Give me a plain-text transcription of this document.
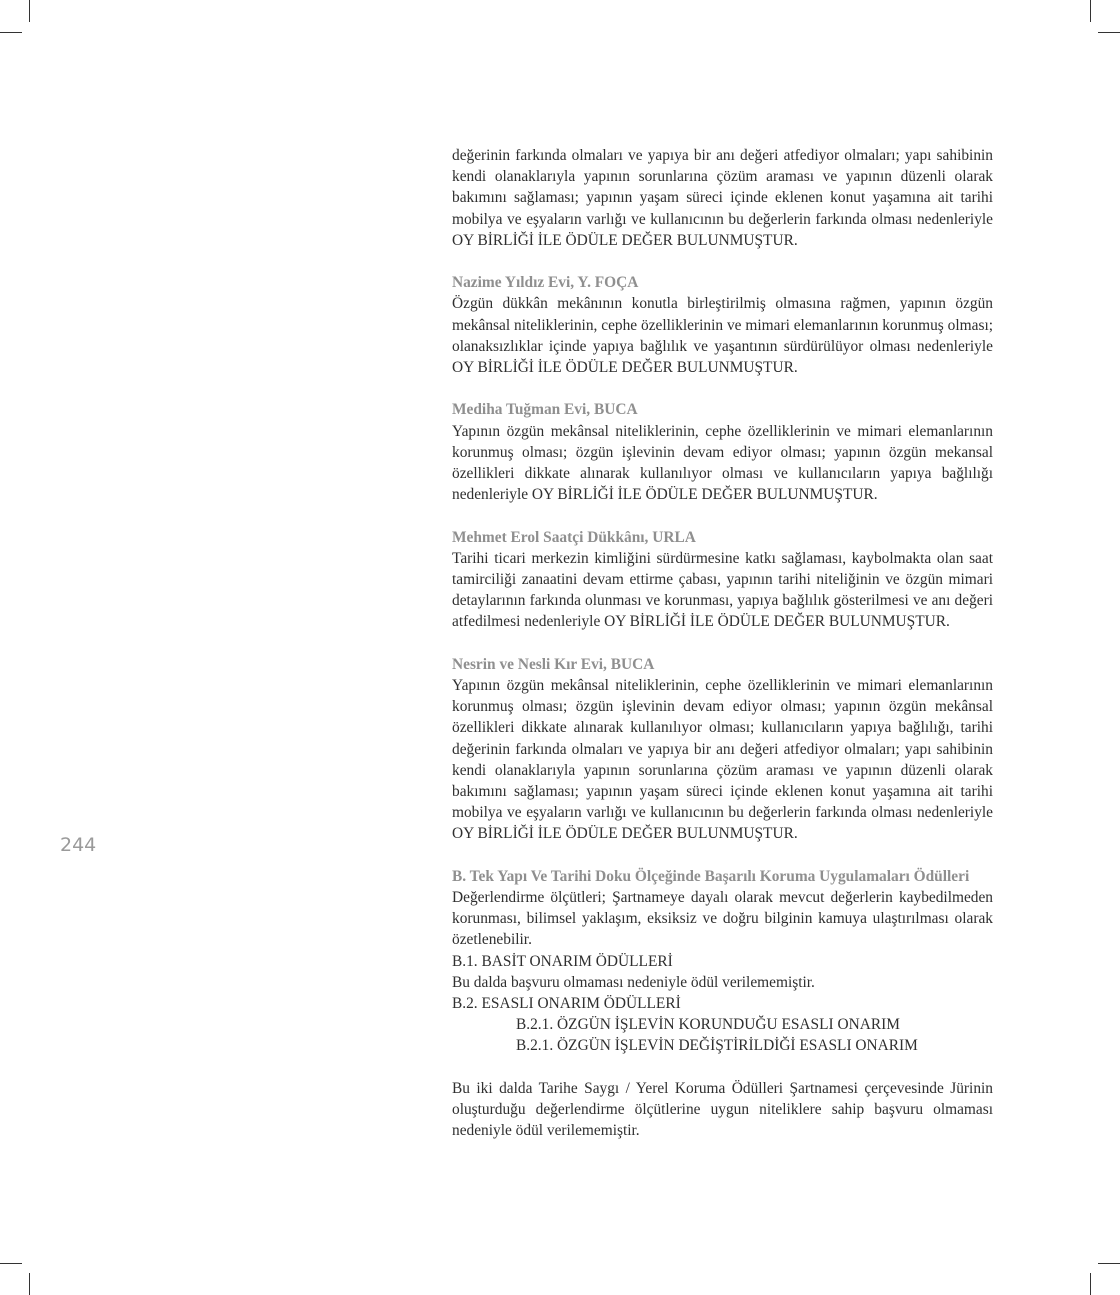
244

değerinin farkında olmaları ve yapıya bir anı değeri atfediyor olmaları; yapı sahibinin kendi olanaklarıyla yapının sorunlarına çözüm araması ve yapının düzenli olarak bakımını sağlaması; yapının yaşam süreci içinde eklenen konut yaşamına ait tarihi mobilya ve eşyaların varlığı ve kullanıcının bu değerlerin farkında olması nedenleriyle OY BİRLİĞİ İLE ÖDÜLE DEĞER BULUNMUŞTUR.

Nazime Yıldız Evi, Y. FOÇA

Özgün dükkân mekânının konutla birleştirilmiş olmasına rağmen, yapının özgün mekânsal niteliklerinin, cephe özelliklerinin ve mimari elemanlarının korunmuş olması; olanaksızlıklar içinde yapıya bağlılık ve yaşantının sürdürülüyor olması nedenleriyle OY BİRLİĞİ İLE ÖDÜLE DEĞER BULUNMUŞTUR.

Mediha Tuğman Evi, BUCA

Yapının özgün mekânsal niteliklerinin, cephe özelliklerinin ve mimari elemanlarının korunmuş olması; özgün işlevinin devam ediyor olması; yapının özgün mekansal özellikleri dikkate alınarak kullanılıyor olması ve kullanıcıların yapıya bağlılığı nedenleriyle OY BİRLİĞİ İLE ÖDÜLE DEĞER BULUNMUŞTUR.

Mehmet Erol Saatçi Dükkânı, URLA

Tarihi ticari merkezin kimliğini sürdürmesine katkı sağlaması, kaybolmakta olan saat tamirciliği zanaatini devam ettirme çabası, yapının tarihi niteliğinin ve özgün mimari detaylarının farkında olunması ve korunması, yapıya bağlılık gösterilmesi ve anı değeri atfedilmesi nedenleriyle OY BİRLİĞİ İLE ÖDÜLE DEĞER BULUNMUŞTUR.

Nesrin ve Nesli Kır Evi, BUCA

Yapının özgün mekânsal niteliklerinin, cephe özelliklerinin ve mimari elemanlarının korunmuş olması; özgün işlevinin devam ediyor olması; yapının özgün mekânsal özellikleri dikkate alınarak kullanılıyor olması; kullanıcıların yapıya bağlılığı, tarihi değerinin farkında olmaları ve yapıya bir anı değeri atfediyor olmaları; yapı sahibinin kendi olanaklarıyla yapının sorunlarına çözüm araması ve yapının düzenli olarak bakımını sağlaması; yapının yaşam süreci içinde eklenen konut yaşamına ait tarihi mobilya ve eşyaların varlığı ve kullanıcının bu değerlerin farkında olması nedenleriyle OY BİRLİĞİ İLE ÖDÜLE DEĞER BULUNMUŞTUR.

B. Tek Yapı Ve Tarihi Doku Ölçeğinde Başarılı Koruma Uygulamaları Ödülleri

Değerlendirme ölçütleri; Şartnameye dayalı olarak mevcut değerlerin kaybedilmeden korunması, bilimsel yaklaşım, eksiksiz ve doğru bilginin kamuya ulaştırılması olarak özetlenebilir.

B.1. BASİT ONARIM ÖDÜLLERİ

Bu dalda başvuru olmaması nedeniyle ödül verilememiştir.

B.2. ESASLI ONARIM ÖDÜLLERİ

B.2.1. ÖZGÜN İŞLEVİN KORUNDUĞU ESASLI ONARIM

B.2.1. ÖZGÜN İŞLEVİN DEĞİŞTİRİLDİĞİ ESASLI ONARIM

Bu iki dalda Tarihe Saygı / Yerel Koruma Ödülleri Şartnamesi çerçevesinde Jürinin oluşturduğu değerlendirme ölçütlerine uygun niteliklere sahip başvuru olmaması nedeniyle ödül verilememiştir.
